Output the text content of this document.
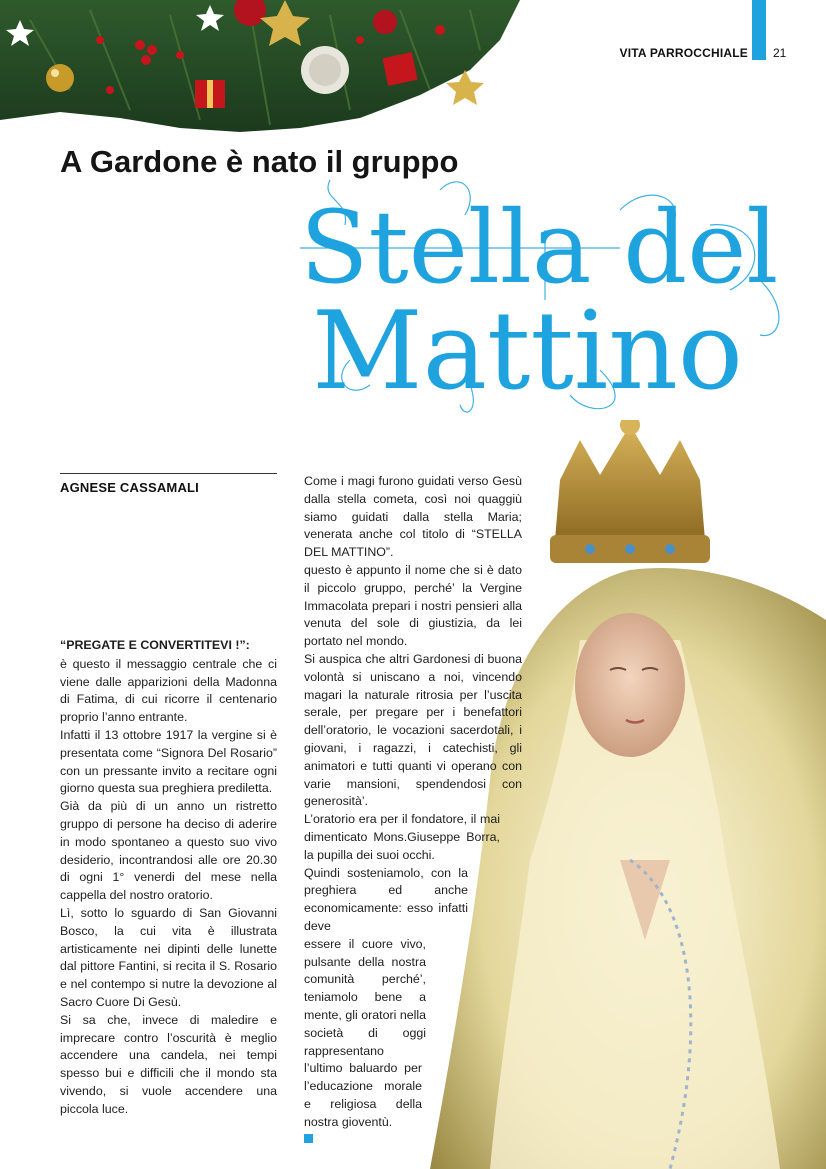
VITA PARROCCHIALE 21
A Gardone è nato il gruppo
Stella del
Mattino
AGNESE CASSAMALI

“PREGATE E CONVERTITEVI !”:

è questo il messaggio centrale che ci viene dalle apparizioni della Madonna di Fatima, di cui ricorre il centenario proprio l’anno entrante.

Infatti il 13 ottobre 1917 la vergine si è presentata come “Signora Del Rosario” con un pressante invito a recitare ogni giorno questa sua preghiera prediletta.

Già da più di un anno un ristretto gruppo di persone ha deciso di aderire in modo spontaneo a questo suo vivo desiderio, incontrandosi alle ore 20.30 di ogni 1° venerdi del mese nella cappella del nostro oratorio.

Lì, sotto lo sguardo di San Giovanni Bosco, la cui vita è illustrata artisticamente nei dipinti delle lunette dal pittore Fantini, si recita il S. Rosario e nel contempo si nutre la devozione al Sacro Cuore Di Gesù.

Si sa che, invece di maledire e imprecare contro l’oscurità è meglio accendere una candela, nei tempi spesso bui e difficili che il mondo sta vivendo, si vuole accendere una piccola luce.

Come i magi furono guidati verso Gesù dalla stella cometa, così noi quaggiù siamo guidati dalla stella Maria; venerata anche col titolo di “STELLA DEL MATTINO”.

questo è appunto il nome che si è dato il piccolo gruppo, perché’ la Vergine Immacolata prepari i nostri pensieri alla venuta del sole di giustizia, da lei portato nel mondo.

Si auspica che altri Gardonesi di buona volontà si uniscano a noi, vincendo magari la naturale ritrosia per l’uscita serale, per pregare per i benefattori dell’oratorio, le vocazioni sacerdotali, i giovani, i ragazzi, i catechisti, gli animatori e tutti quanti vi operano con varie mansioni, spendendosi con generosità’.

L’oratorio era per il fondatore, il mai dimenticato Mons.Giuseppe Borra, la pupilla dei suoi occhi.

Quindi sosteniamolo, con la preghiera ed anche economicamente: esso infatti deve

essere il cuore vivo, pulsante della nostra comunità perché’, teniamolo bene a mente, gli oratori nella società di oggi rappresentano

l’ultimo baluardo per l’educazione morale e religiosa della nostra gioventù.
